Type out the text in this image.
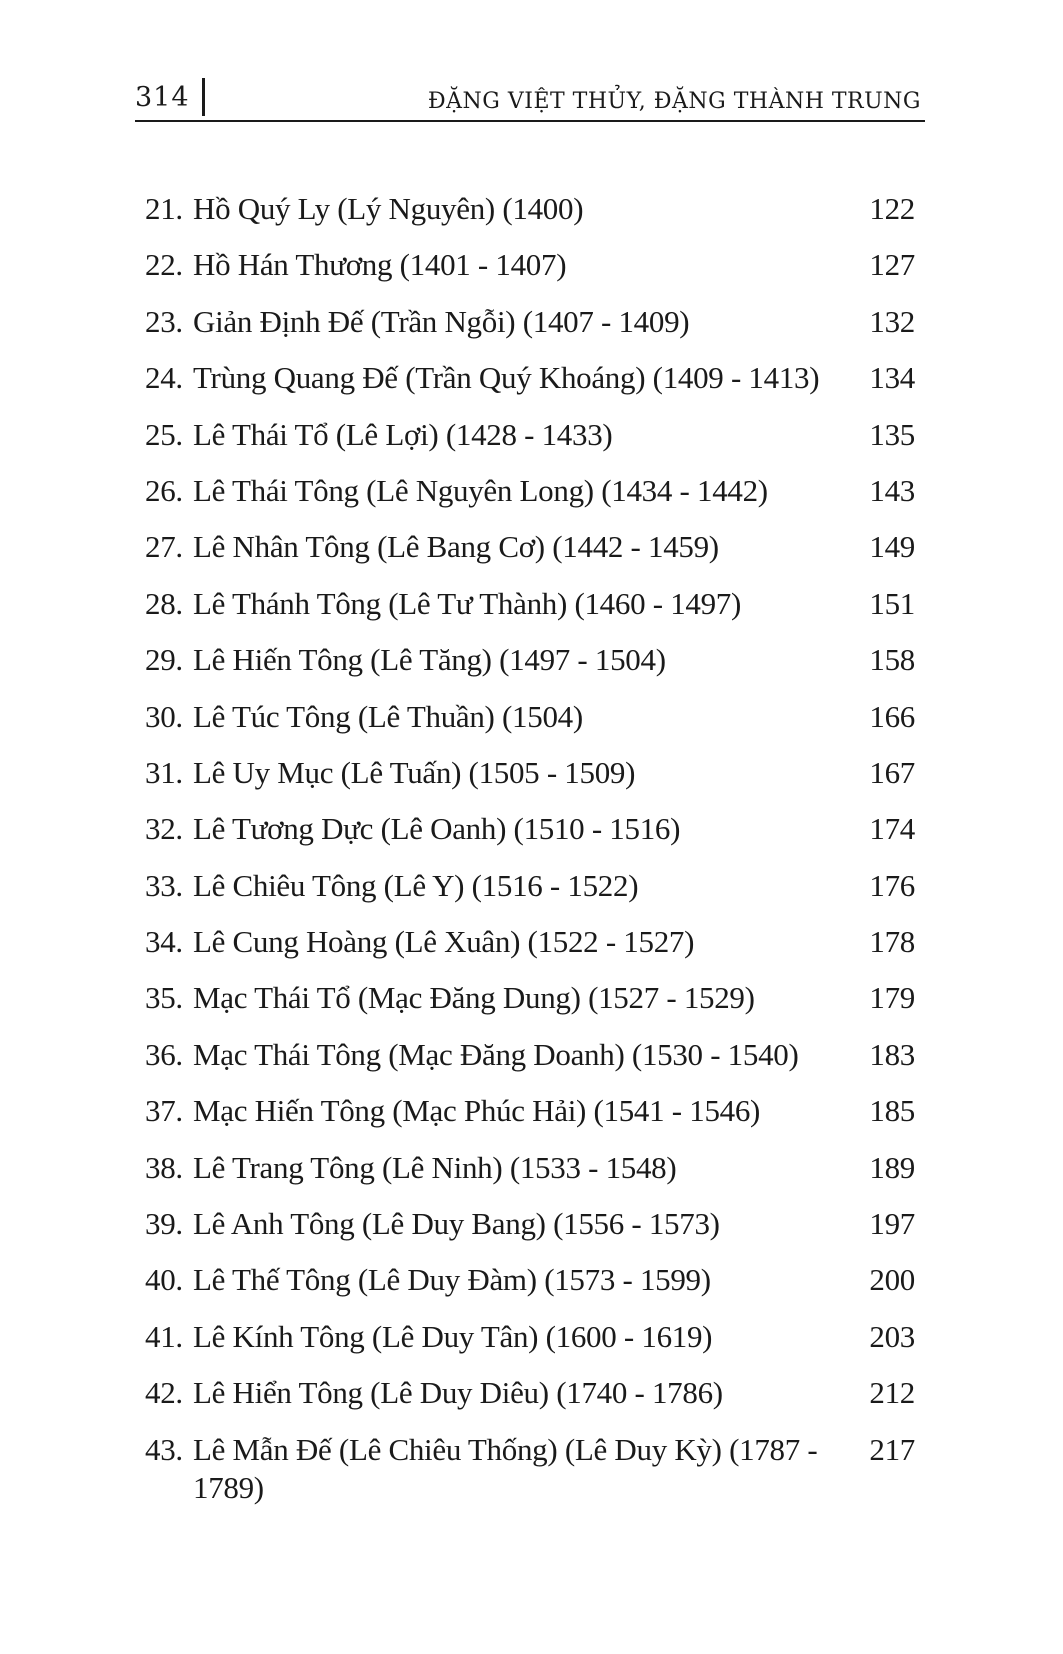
314	ĐẶNG VIỆT THỦY, ĐẶNG THÀNH TRUNG
21. Hồ Quý Ly (Lý Nguyên) (1400)	122
22. Hồ Hán Thương (1401 - 1407)	127
23. Giản Định Đế (Trần Ngỗi) (1407 - 1409)	132
24. Trùng Quang Đế (Trần Quý Khoáng) (1409 - 1413)	134
25. Lê Thái Tổ (Lê Lợi) (1428 - 1433)	135
26. Lê Thái Tông (Lê Nguyên Long) (1434 - 1442)	143
27. Lê Nhân Tông (Lê Bang Cơ) (1442 - 1459)	149
28. Lê Thánh Tông (Lê Tư Thành) (1460 - 1497)	151
29. Lê Hiến Tông (Lê Tăng) (1497 - 1504)	158
30. Lê Túc Tông (Lê Thuần) (1504)	166
31. Lê Uy Mục (Lê Tuấn) (1505 - 1509)	167
32. Lê Tương Dực (Lê Oanh) (1510 - 1516)	174
33. Lê Chiêu Tông (Lê Y) (1516 - 1522)	176
34. Lê Cung Hoàng (Lê Xuân) (1522 - 1527)	178
35. Mạc Thái Tổ (Mạc Đăng Dung) (1527 - 1529)	179
36. Mạc Thái Tông (Mạc Đăng Doanh) (1530 - 1540)	183
37. Mạc Hiến Tông (Mạc Phúc Hải) (1541 - 1546)	185
38. Lê Trang Tông (Lê Ninh) (1533 - 1548)	189
39. Lê Anh Tông (Lê Duy Bang) (1556 - 1573)	197
40. Lê Thế Tông (Lê Duy Đàm) (1573 - 1599)	200
41. Lê Kính Tông (Lê Duy Tân) (1600 - 1619)	203
42. Lê Hiển Tông (Lê Duy Diêu) (1740 - 1786)	212
43. Lê Mẫn Đế (Lê Chiêu Thống) (Lê Duy Kỳ) (1787 - 1789)
217
